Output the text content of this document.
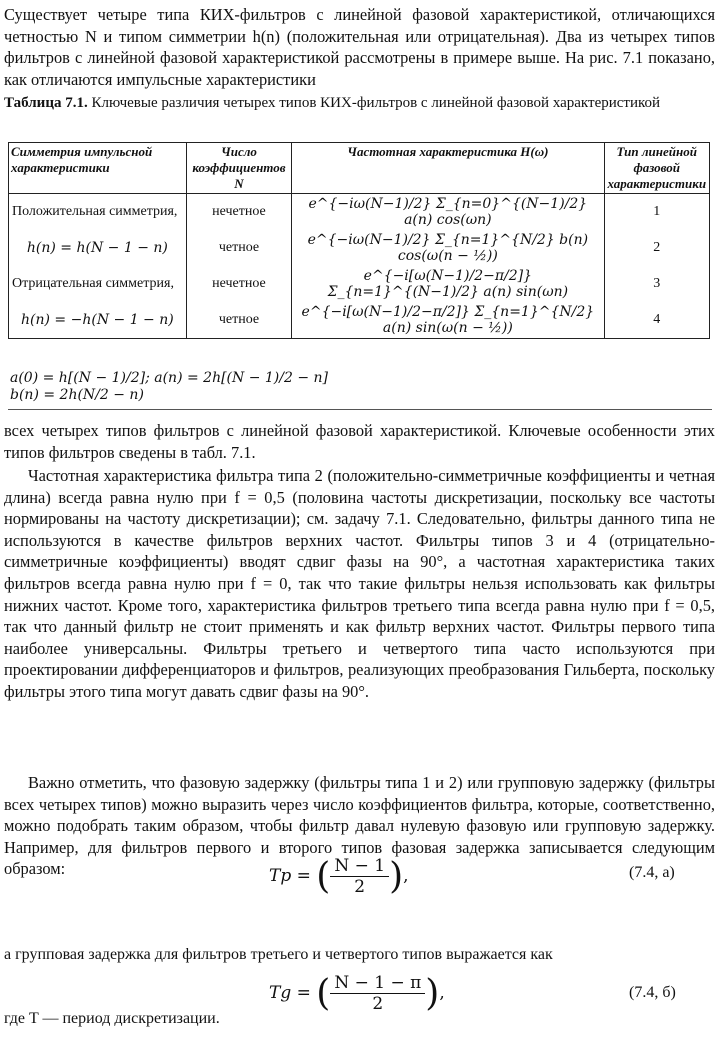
Существует четыре типа КИХ-фильтров с линейной фазовой характеристикой, отличающихся четностью N и типом симметрии h(n) (положительная или отрицательная). Два из четырех типов фильтров с линейной фазовой характеристикой рассмотрены в примере выше. На рис. 7.1 показано, как отличаются импульсные характеристики

Таблица 7.1. Ключевые различия четырех типов КИХ-фильтров с линейной фазовой характеристикой
Симметрия импульсной характеристики	Число коэффициентов N	Частотная характеристика H(ω)	Тип линейной фазовой характеристики
Положительная симметрия,	нечетное	e^{−iω(N−1)/2} Σ_{n=0}^{(N−1)/2} a(n) cos(ωn)	1
h(n) = h(N − 1 − n)	четное	e^{−iω(N−1)/2} Σ_{n=1}^{N/2} b(n) cos(ω(n − ½))	2
Отрицательная симметрия,	нечетное	e^{−i[ω(N−1)/2−π/2]} Σ_{n=1}^{(N−1)/2} a(n) sin(ωn)	3
h(n) = −h(N − 1 − n)	четное	e^{−i[ω(N−1)/2−π/2]} Σ_{n=1}^{N/2} a(n) sin(ω(n − ½))	4
a(0) = h[(N − 1)/2]; a(n) = 2h[(N − 1)/2 − n]
b(n) = 2h(N/2 − n)

всех четырех типов фильтров с линейной фазовой характеристикой. Ключевые особенности этих типов фильтров сведены в табл. 7.1.

Частотная характеристика фильтра типа 2 (положительно-симметричные коэффициенты и четная длина) всегда равна нулю при f = 0,5 (половина частоты дискретизации, поскольку все частоты нормированы на частоту дискретизации); см. задачу 7.1. Следовательно, фильтры данного типа не используются в качестве фильтров верхних частот. Фильтры типов 3 и 4 (отрицательно-симметричные коэффициенты) вводят сдвиг фазы на 90°, а частотная характеристика таких фильтров всегда равна нулю при f = 0, так что такие фильтры нельзя использовать как фильтры нижних частот. Кроме того, характеристика фильтров третьего типа всегда равна нулю при f = 0,5, так что данный фильтр не стоит применять и как фильтр верхних частот. Фильтры первого типа наиболее универсальны. Фильтры третьего и четвертого типа часто используются при проектировании дифференциаторов и фильтров, реализующих преобразования Гильберта, поскольку фильтры этого типа могут давать сдвиг фазы на 90°.

Важно отметить, что фазовую задержку (фильтры типа 1 и 2) или групповую задержку (фильтры всех четырех типов) можно выразить через число коэффициентов фильтра, которые, соответственно, можно подобрать таким образом, чтобы фильтр давал нулевую фазовую или групповую задержку. Например, для фильтров первого и второго типов фазовая задержка записывается следующим образом:	Tp = ( $\frac{N - 1}{2}$ ),	(7.4, a)

а групповая задержка для фильтров третьего и четвертого типов выражается как

Tg = ( $\frac{N - 1 - \pi}{2}$ ),	(7.4, б)
где T — период дискретизации.
